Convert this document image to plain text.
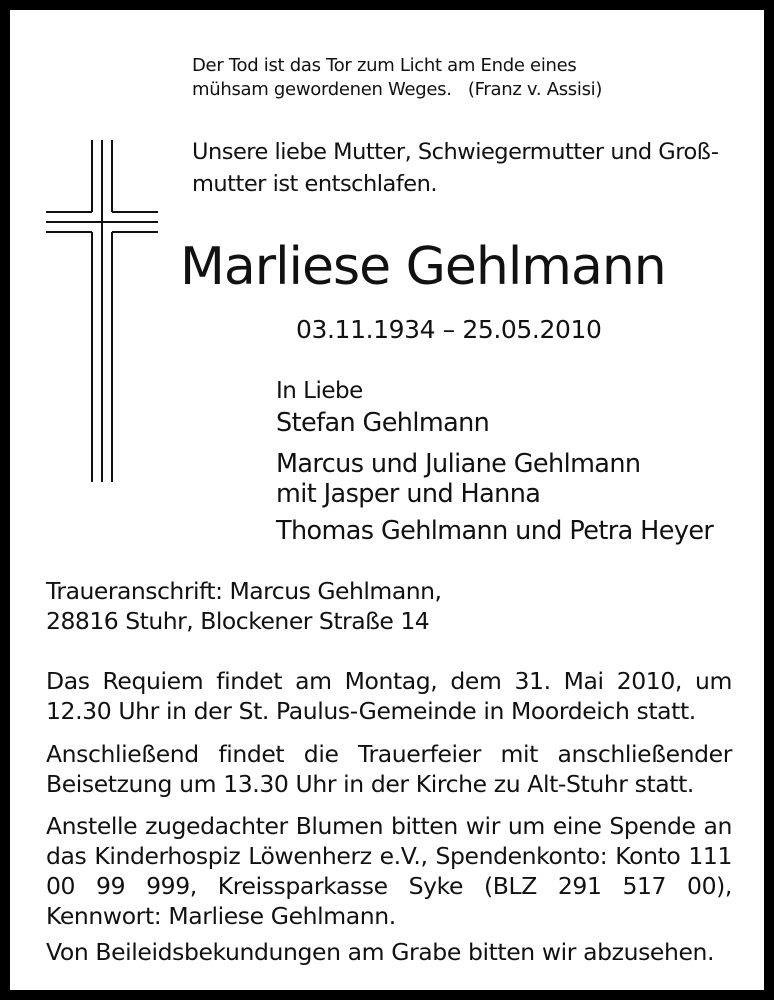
Der Tod ist das Tor zum Licht am Ende eines
mühsam gewordenen Weges.   (Franz v. Assisi)
Unsere liebe Mutter, Schwiegermutter und Groß-
mutter ist entschlafen.
Marliese Gehlmann
03.11.1934 – 25.05.2010
In Liebe
Stefan Gehlmann
Marcus und Juliane Gehlmann
mit Jasper und Hanna
Thomas Gehlmann und Petra Heyer
Traueranschrift: Marcus Gehlmann,
28816 Stuhr, Blockener Straße 14
Das Requiem findet am Montag, dem 31. Mai 2010, um 12.30 Uhr in der St. Paulus-Gemeinde in Moordeich statt.
Anschließend findet die Trauerfeier mit anschließender Beisetzung um 13.30 Uhr in der Kirche zu Alt-Stuhr statt.
Anstelle zugedachter Blumen bitten wir um eine Spende an das Kinderhospiz Löwenherz e.V., Spendenkonto: Konto 111 00 99 999, Kreissparkasse Syke (BLZ 291 517 00), Kennwort: Marliese Gehlmann.
Von Beileidsbekundungen am Grabe bitten wir abzusehen.
